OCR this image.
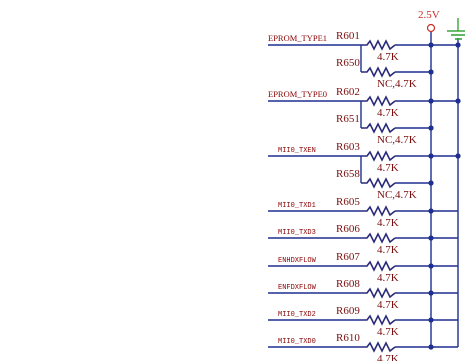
EPROM_TYPE1 R601
4.7K
R650
NC,4.7K
EPROM_TYPE0 R602
4.7K
R651
NC,4.7K
MII0_TXEN R603
4.7K
R658
NC,4.7K
MII0_TXD1 R605
4.7K
MII0_TXD3 R606
4.7K
ENHDXFLOW R607
4.7K
ENFDXFLOW R608
4.7K
MII0_TXD2 R609
4.7K
MII0_TXD0 R610
4.7K
2.5V
